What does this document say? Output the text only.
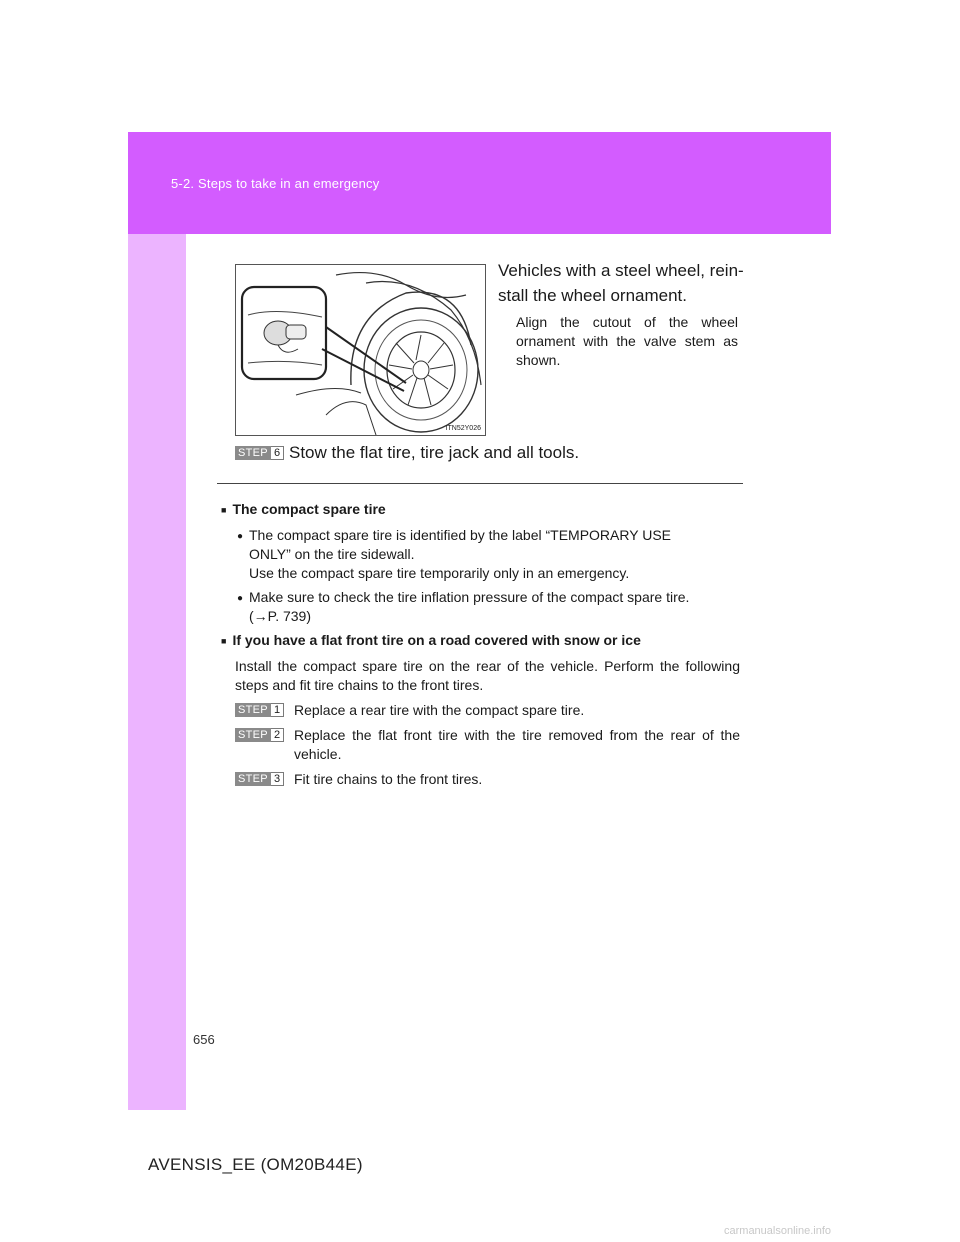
5-2. Steps to take in an emergency
ITN52Y026
Vehicles with a steel wheel, rein-
stall the wheel ornament.
Align the cutout of the wheel ornament with the valve stem as shown.
STEP 6 Stow the flat tire, tire jack and all tools.
■ The compact spare tire
● The compact spare tire is identified by the label “TEMPORARY USE
ONLY” on the tire sidewall.
Use the compact spare tire temporarily only in an emergency.
● Make sure to check the tire inflation pressure of the compact spare tire.
(→P. 739)
■ If you have a flat front tire on a road covered with snow or ice
Install the compact spare tire on the rear of the vehicle. Perform the following steps and fit tire chains to the front tires.
STEP 1 Replace a rear tire with the compact spare tire.
STEP 2 Replace the flat front tire with the tire removed from the rear of the vehicle.
STEP 3 Fit tire chains to the front tires.
656
AVENSIS_EE (OM20B44E)
carmanualsonline.info
